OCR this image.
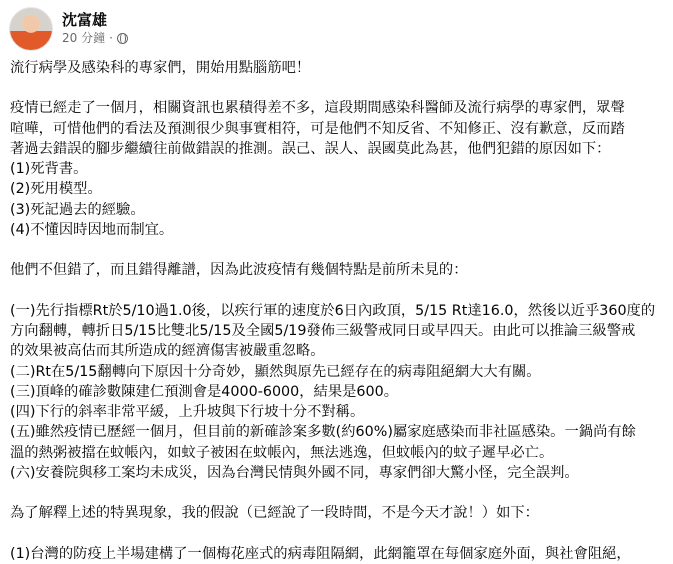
沈富雄
20 分鐘 ·
流行病學及感染科的專家們，開始用點腦筋吧！
疫情已經走了一個月，相關資訊也累積得差不多，這段期間感染科醫師及流行病學的專家們，眾聲
喧嘩，可惜他們的看法及預測很少與事實相符，可是他們不知反省、不知修正、沒有歉意，反而踏
著過去錯誤的腳步繼續往前做錯誤的推測。誤己、誤人、誤國莫此為甚，他們犯錯的原因如下：
(1)死背書。
(2)死用模型。
(3)死記過去的經驗。
(4)不懂因時因地而制宜。
他們不但錯了，而且錯得離譜，因為此波疫情有幾個特點是前所未見的：
(一)先行指標Rt於5/10過1.0後，以疾行軍的速度於6日內政頂，5/15 Rt達16.0，然後以近乎360度的
方向翻轉，轉折日5/15比雙北5/15及全國5/19發佈三級警戒同日或早四天。由此可以推論三級警戒
的效果被高估而其所造成的經濟傷害被嚴重忽略。
(二)Rt在5/15翻轉向下原因十分奇妙，顯然與原先已經存在的病毒阻絕網大大有關。
(三)頂峰的確診數陳建仁預測會是4000-6000，結果是600。
(四)下行的斜率非常平緩，上升坡與下行坡十分不對稱。
(五)雖然疫情已歷經一個月，但目前的新確診案多數(約60%)屬家庭感染而非社區感染。一鍋尚有餘
溫的熱粥被擋在蚊帳內，如蚊子被困在蚊帳內，無法逃逸，但蚊帳內的蚊子遲早必亡。
(六)安養院與移工案均未成災，因為台灣民情與外國不同，專家們卻大驚小怪，完全誤判。
為了解釋上述的特異現象，我的假說（已經說了一段時間，不是今天才說！）如下：
(1)台灣的防疫上半場建構了一個梅花座式的病毒阻隔網，此網籠罩在每個家庭外面，與社會阻絕，
